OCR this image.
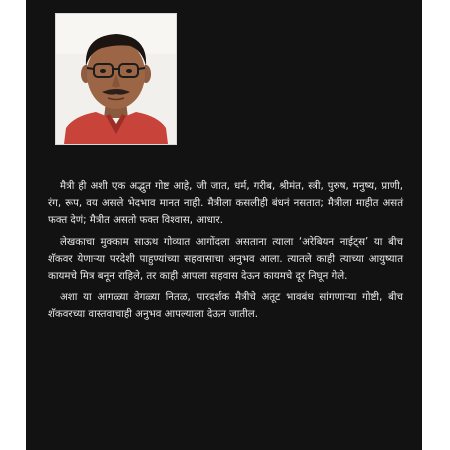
मैत्री ही अशी एक अद्भुत गोष्ट आहे, जी जात, धर्म, गरीब, श्रीमंत, स्त्री, पुरुष, मनुष्य, प्राणी, रंग, रूप, वय असले भेदभाव मानत नाही. मैत्रीला कसलीही बंधनं नसतात; मैत्रीला माहीत असतं फक्त देणं; मैत्रीत असतो फक्त विश्वास, आधार.

लेखकाचा मुक्काम साऊथ गोव्यात आगोंदला असताना त्याला ‘अरेबियन नाईट्स’ या बीच शॅकवर येणाऱ्या परदेशी पाहुण्यांच्या सहवासाचा अनुभव आला. त्यातले काही त्याच्या आयुष्यात कायमचे मित्र बनून राहिले, तर काही आपला सहवास देऊन कायमचे दूर निघून गेले.

अशा या आगळ्या वेगळ्या नितळ, पारदर्शक मैत्रीचे अतूट भावबंध सांगणाऱ्या गोष्टी, बीच शॅकवरच्या वास्तवाचाही अनुभव आपल्याला देऊन जातील.
